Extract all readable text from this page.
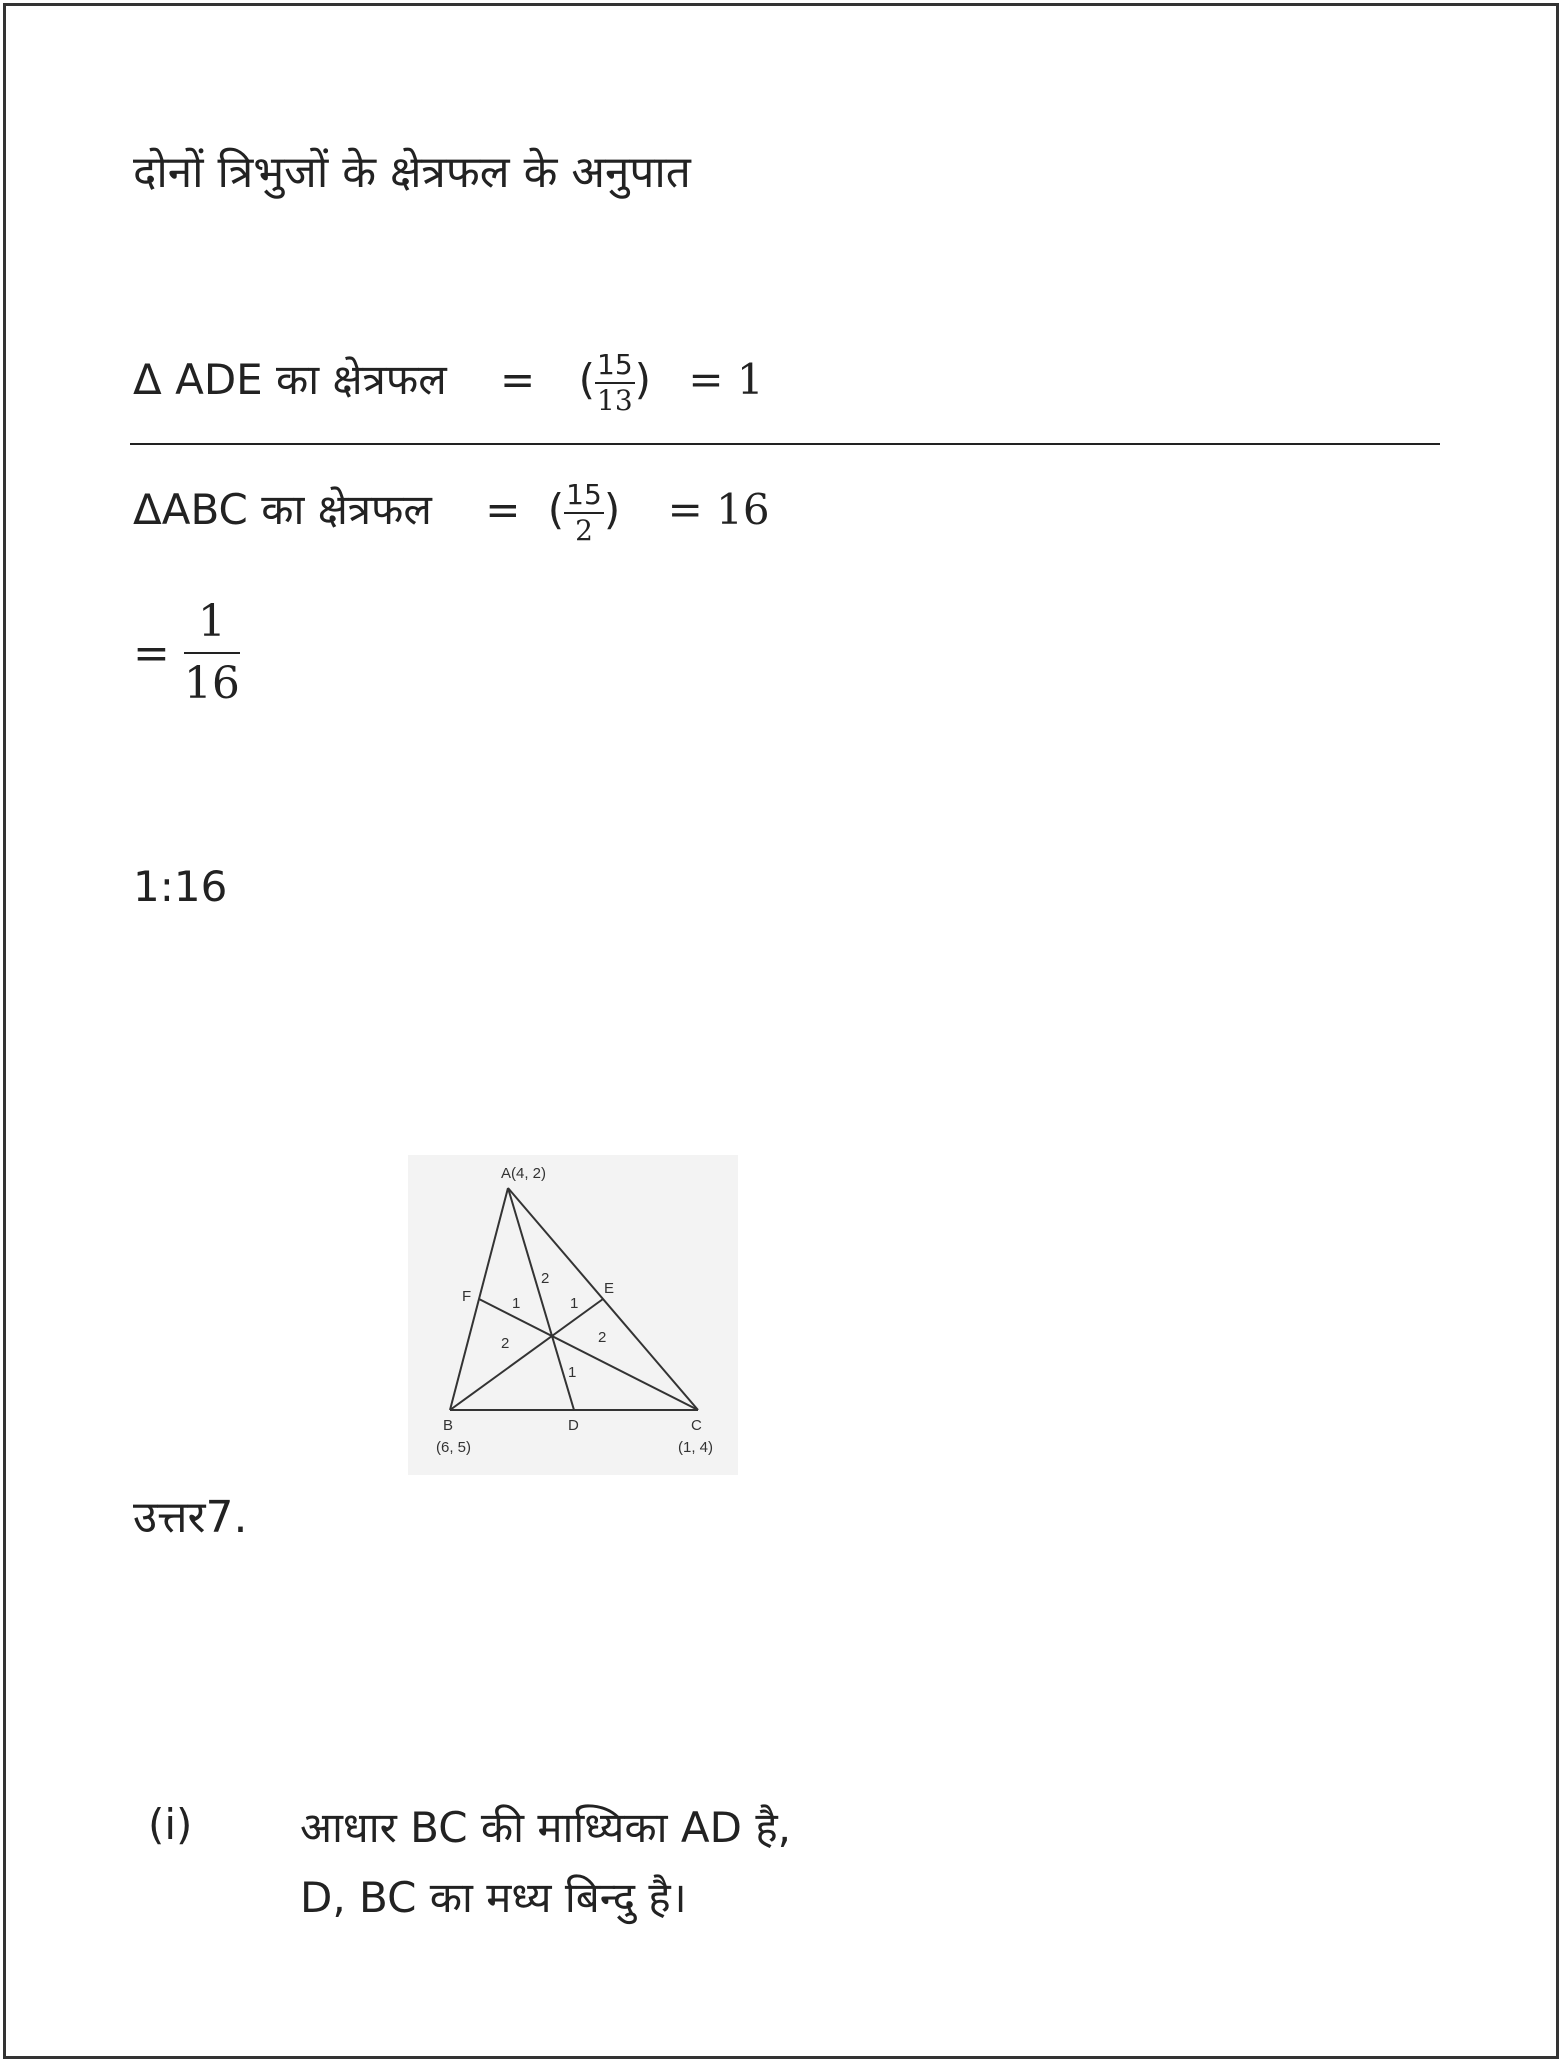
दोनों त्रिभुजों के क्षेत्रफल के अनुपात
Δ ADE का क्षेत्रफल = ( $\frac{15}{13}$ ) = 1
ΔABC का क्षेत्रफल = ( $\frac{15}{2}$ ) = 16
= $\frac{1}{16}$
1:16
A(4, 2)
B
(6, 5)
C
(1, 4)
D
E
F
2
1	1
2	2
1
उत्तर7.
(i)	आधार BC की माध्यिका AD है,
D, BC का मध्य बिन्दु है।
